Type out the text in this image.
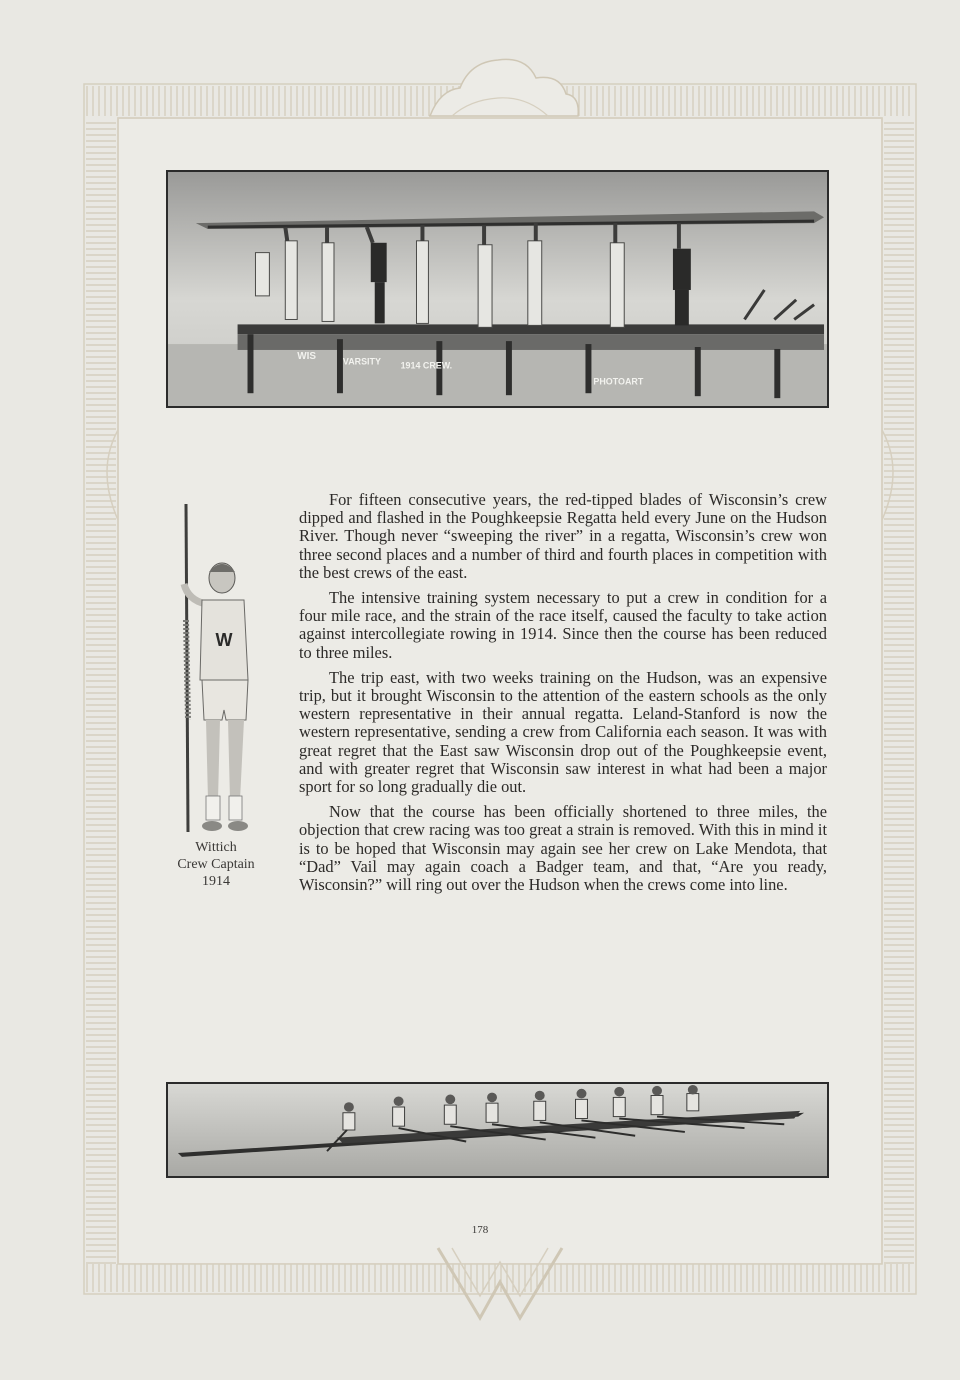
WIS	VARSITY 1914 CREW.
PHOTOART
W
Wittich
Crew Captain
1914

For fifteen consecutive years, the red-tipped blades of Wisconsin’s crew dipped and flashed in the Poughkeepsie Regatta held every June on the Hudson River. Though never “sweeping the river” in a regatta, Wisconsin’s crew won three second places and a number of third and fourth places in competition with the best crews of the east.

The intensive training system necessary to put a crew in condition for a four mile race, and the strain of the race itself, caused the faculty to take action against intercollegiate rowing in 1914. Since then the course has been reduced to three miles.

The trip east, with two weeks training on the Hudson, was an expensive trip, but it brought Wisconsin to the attention of the eastern schools as the only western representative in their annual regatta. Leland-Stanford is now the western representative, sending a crew from California each season. It was with great regret that the East saw Wisconsin drop out of the Poughkeepsie event, and with greater regret that Wisconsin saw interest in what had been a major sport for so long gradually die out.

Now that the course has been officially shortened to three miles, the objection that crew racing was too great a strain is removed. With this in mind it is to be hoped that Wisconsin may again see her crew on Lake Mendota, that “Dad” Vail may again coach a Badger team, and that, “Are you ready, Wisconsin?” will ring out over the Hudson when the crews come into line.

178
